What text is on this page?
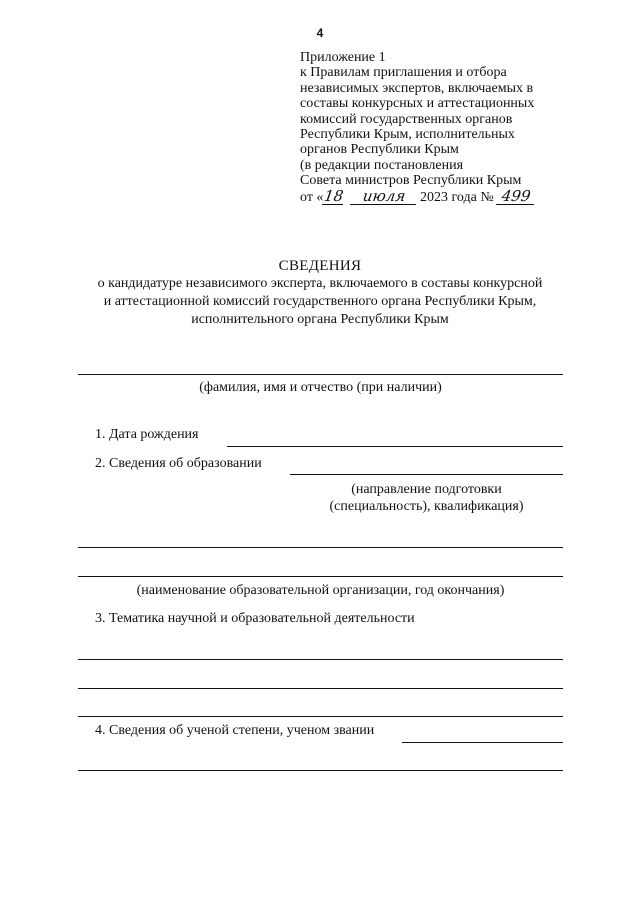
4
Приложение 1
к Правилам приглашения и отбора
независимых экспертов, включаемых в
составы конкурсных и аттестационных
комиссий государственных органов
Республики Крым, исполнительных
органов Республики Крым
(в редакции постановления
Совета министров Республики Крым
от «18 июля 2023 года № 499
СВЕДЕНИЯ
о кандидатуре независимого эксперта, включаемого в составы конкурсной
и аттестационной комиссий государственного органа Республики Крым,
исполнительного органа Республики Крым
(фамилия, имя и отчество (при наличии)
1. Дата рождения
2. Сведения об образовании
(направление подготовки
(специальность), квалификация)
(наименование образовательной организации, год окончания)
3. Тематика научной и образовательной деятельности
4. Сведения об ученой степени, ученом звании
